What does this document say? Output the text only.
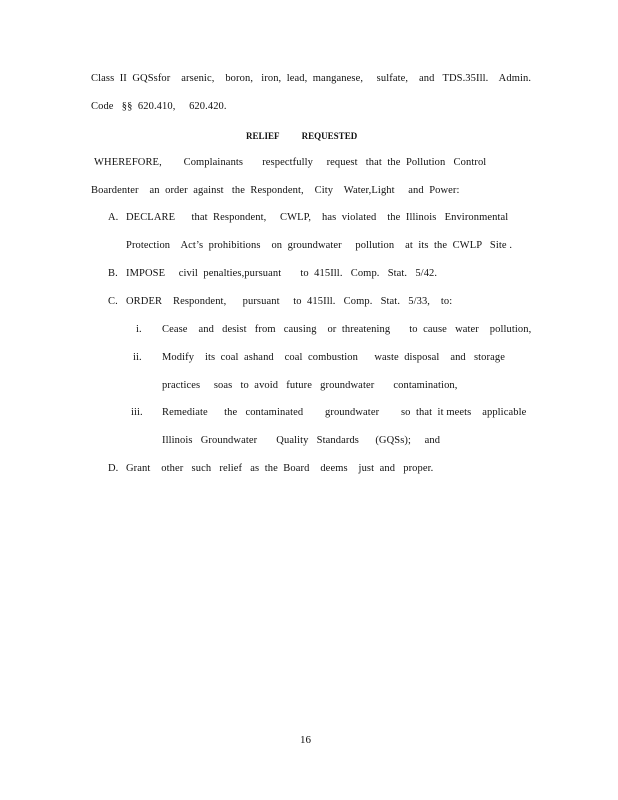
Class  II  GQSsfor    arsenic,    boron,   iron,  lead,  manganese,     sulfate,    and   TDS.35Ill.    Admin.
Code   §§  620.410,     620.420.
RELIEF          REQUESTED
WHEREFORE,        Complainants       respectfully     request   that  the  Pollution   Control
Boardenter    an  order  against   the  Respondent,    City    Water,Light     and  Power:
A. DECLARE      that  Respondent,     CWLP,    has  violated    the  Illinois   Environmental
Protection    Act’s  prohibitions    on  groundwater     pollution    at  its  the  CWLP   Site .
B. IMPOSE     civil  penalties,pursuant       to  415Ill.   Comp.   Stat.   5/42.
C. ORDER    Respondent,      pursuant     to  415Ill.   Comp.   Stat.   5/33,    to:
i. Cease    and   desist   from   causing    or  threatening       to  cause   water    pollution,
ii. Modify    its  coal  ashand    coal  combustion      waste  disposal    and   storage
practices     soas   to  avoid   future   groundwater       contamination,
iii. Remediate      the   contaminated        groundwater        so  that  it meets    applicable
Illinois   Groundwater       Quality   Standards      (GQSs);     and
D. Grant    other   such   relief   as  the  Board    deems    just  and   proper.
16
